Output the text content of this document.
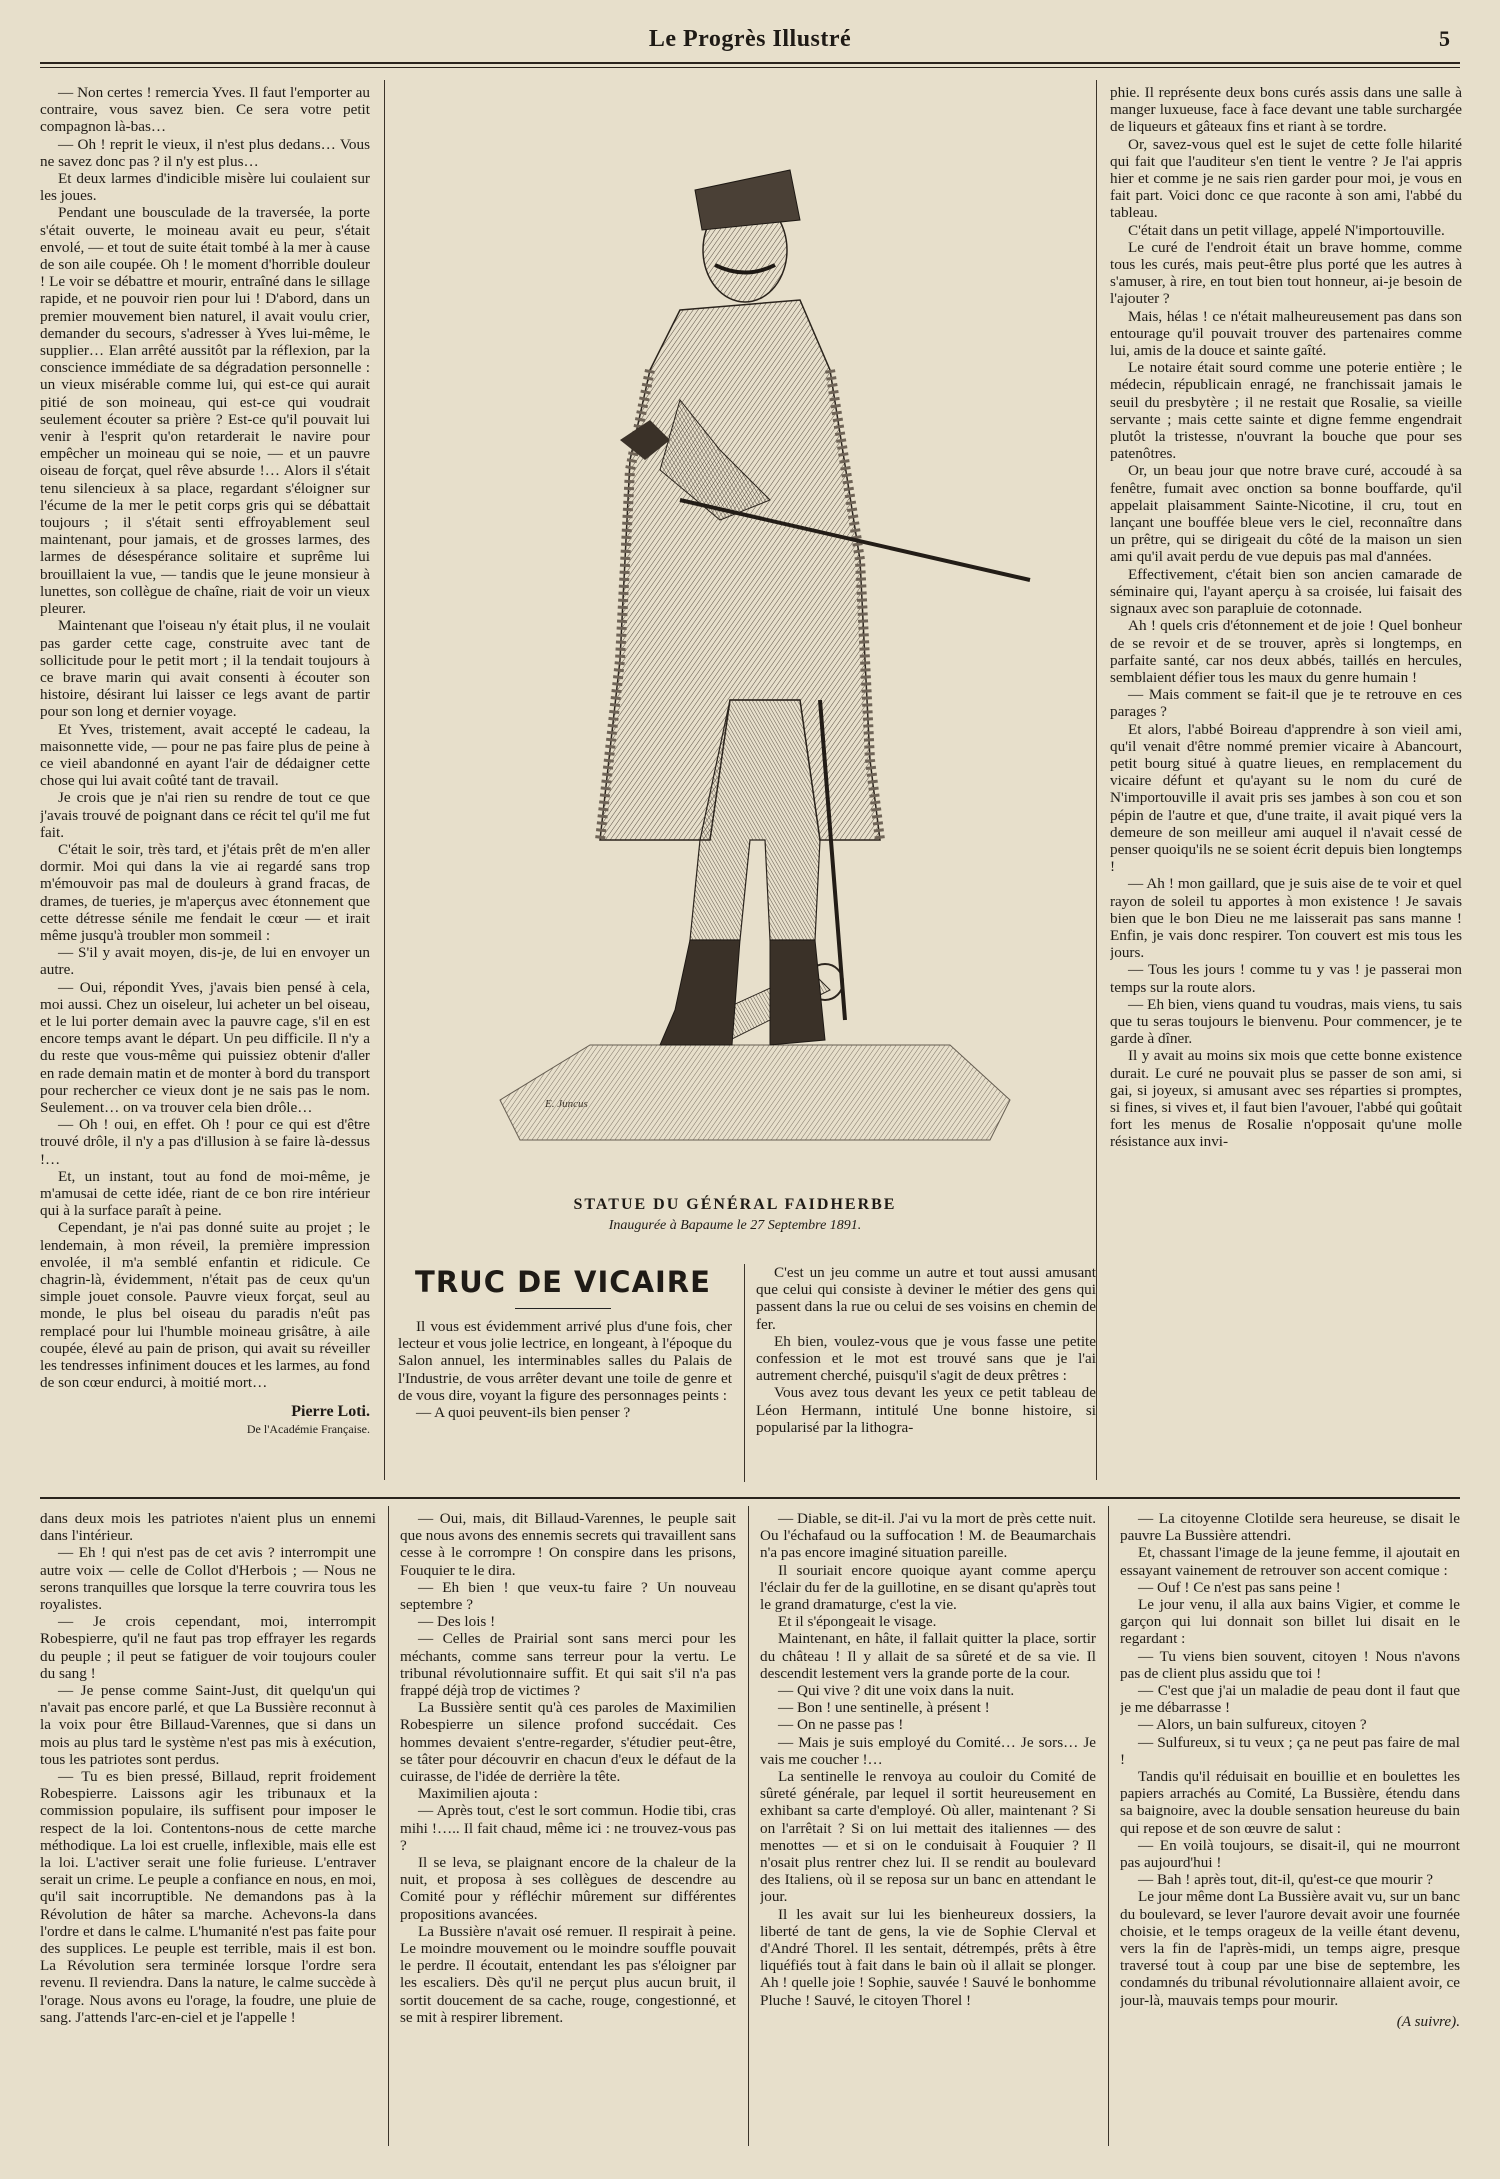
Le Progrès Illustré	5

— Non certes ! remercia Yves. Il faut l'emporter au contraire, vous savez bien. Ce sera votre petit compagnon là-bas…

— Oh ! reprit le vieux, il n'est plus dedans… Vous ne savez donc pas ? il n'y est plus…

Et deux larmes d'indicible misère lui coulaient sur les joues.

Pendant une bousculade de la traversée, la porte s'était ouverte, le moineau avait eu peur, s'était envolé, — et tout de suite était tombé à la mer à cause de son aile coupée. Oh ! le moment d'horrible douleur ! Le voir se débattre et mourir, entraîné dans le sillage rapide, et ne pouvoir rien pour lui ! D'abord, dans un premier mouvement bien naturel, il avait voulu crier, demander du secours, s'adresser à Yves lui-même, le supplier… Elan arrêté aussitôt par la réflexion, par la conscience immédiate de sa dégradation personnelle : un vieux misérable comme lui, qui est-ce qui aurait pitié de son moineau, qui est-ce qui voudrait seulement écouter sa prière ? Est-ce qu'il pouvait lui venir à l'esprit qu'on retarderait le navire pour empêcher un moineau qui se noie, — et un pauvre oiseau de forçat, quel rêve absurde !… Alors il s'était tenu silencieux à sa place, regardant s'éloigner sur l'écume de la mer le petit corps gris qui se débattait toujours ; il s'était senti effroyablement seul maintenant, pour jamais, et de grosses larmes, des larmes de désespérance solitaire et suprême lui brouillaient la vue, — tandis que le jeune monsieur à lunettes, son collègue de chaîne, riait de voir un vieux pleurer.

Maintenant que l'oiseau n'y était plus, il ne voulait pas garder cette cage, construite avec tant de sollicitude pour le petit mort ; il la tendait toujours à ce brave marin qui avait consenti à écouter son histoire, désirant lui laisser ce legs avant de partir pour son long et dernier voyage.

Et Yves, tristement, avait accepté le cadeau, la maisonnette vide, — pour ne pas faire plus de peine à ce vieil abandonné en ayant l'air de dédaigner cette chose qui lui avait coûté tant de travail.

Je crois que je n'ai rien su rendre de tout ce que j'avais trouvé de poignant dans ce récit tel qu'il me fut fait.

C'était le soir, très tard, et j'étais prêt de m'en aller dormir. Moi qui dans la vie ai regardé sans trop m'émouvoir pas mal de douleurs à grand fracas, de drames, de tueries, je m'aperçus avec étonnement que cette détresse sénile me fendait le cœur — et irait même jusqu'à troubler mon sommeil :

— S'il y avait moyen, dis-je, de lui en envoyer un autre.

— Oui, répondit Yves, j'avais bien pensé à cela, moi aussi. Chez un oiseleur, lui acheter un bel oiseau, et le lui porter demain avec la pauvre cage, s'il en est encore temps avant le départ. Un peu difficile. Il n'y a du reste que vous-même qui puissiez obtenir d'aller en rade demain matin et de monter à bord du transport pour rechercher ce vieux dont je ne sais pas le nom. Seulement… on va trouver cela bien drôle…

— Oh ! oui, en effet. Oh ! pour ce qui est d'être trouvé drôle, il n'y a pas d'illusion à se faire là-dessus !…

Et, un instant, tout au fond de moi-même, je m'amusai de cette idée, riant de ce bon rire intérieur qui à la surface paraît à peine.

Cependant, je n'ai pas donné suite au projet ; le lendemain, à mon réveil, la première impression envolée, il m'a semblé enfantin et ridicule. Ce chagrin-là, évidemment, n'était pas de ceux qu'un simple jouet console. Pauvre vieux forçat, seul au monde, le plus bel oiseau du paradis n'eût pas remplacé pour lui l'humble moineau grisâtre, à aile coupée, élevé au pain de prison, qui avait su réveiller les tendresses infiniment douces et les larmes, au fond de son cœur endurci, à moitié mort…

Pierre Loti.
De l'Académie Française.
E. Juncus
STATUE DU GÉNÉRAL FAIDHERBE
Inaugurée à Bapaume le 27 Septembre 1891.
TRUC DE VICAIRE

Il vous est évidemment arrivé plus d'une fois, cher lecteur et vous jolie lectrice, en longeant, à l'époque du Salon annuel, les interminables salles du Palais de l'Industrie, de vous arrêter devant une toile de genre et de vous dire, voyant la figure des personnages peints :

— A quoi peuvent-ils bien penser ?

C'est un jeu comme un autre et tout aussi amusant que celui qui consiste à deviner le métier des gens qui passent dans la rue ou celui de ses voisins en chemin de fer.

Eh bien, voulez-vous que je vous fasse une petite confession et le mot est trouvé sans que je l'ai autrement cherché, puisqu'il s'agit de deux prêtres :

Vous avez tous devant les yeux ce petit tableau de Léon Hermann, intitulé Une bonne histoire, si popularisé par la lithogra-

phie. Il représente deux bons curés assis dans une salle à manger luxueuse, face à face devant une table surchargée de liqueurs et gâteaux fins et riant à se tordre.

Or, savez-vous quel est le sujet de cette folle hilarité qui fait que l'auditeur s'en tient le ventre ? Je l'ai appris hier et comme je ne sais rien garder pour moi, je vous en fait part. Voici donc ce que raconte à son ami, l'abbé du tableau.

C'était dans un petit village, appelé N'importouville.

Le curé de l'endroit était un brave homme, comme tous les curés, mais peut-être plus porté que les autres à s'amuser, à rire, en tout bien tout honneur, ai-je besoin de l'ajouter ?

Mais, hélas ! ce n'était malheureusement pas dans son entourage qu'il pouvait trouver des partenaires comme lui, amis de la douce et sainte gaîté.

Le notaire était sourd comme une poterie entière ; le médecin, républicain enragé, ne franchissait jamais le seuil du presbytère ; il ne restait que Rosalie, sa vieille servante ; mais cette sainte et digne femme engendrait plutôt la tristesse, n'ouvrant la bouche que pour ses patenôtres.

Or, un beau jour que notre brave curé, accoudé à sa fenêtre, fumait avec onction sa bonne bouffarde, qu'il appelait plaisamment Sainte-Nicotine, il cru, tout en lançant une bouffée bleue vers le ciel, reconnaître dans un prêtre, qui se dirigeait du côté de la maison un sien ami qu'il avait perdu de vue depuis pas mal d'années.

Effectivement, c'était bien son ancien camarade de séminaire qui, l'ayant aperçu à sa croisée, lui faisait des signaux avec son parapluie de cotonnade.

Ah ! quels cris d'étonnement et de joie ! Quel bonheur de se revoir et de se trouver, après si longtemps, en parfaite santé, car nos deux abbés, taillés en hercules, semblaient défier tous les maux du genre humain !

— Mais comment se fait-il que je te retrouve en ces parages ?

Et alors, l'abbé Boireau d'apprendre à son vieil ami, qu'il venait d'être nommé premier vicaire à Abancourt, petit bourg situé à quatre lieues, en remplacement du vicaire défunt et qu'ayant su le nom du curé de N'importouville il avait pris ses jambes à son cou et son pépin de l'autre et que, d'une traite, il avait piqué vers la demeure de son meilleur ami auquel il n'avait cessé de penser quoiqu'ils ne se soient écrit depuis bien longtemps !

— Ah ! mon gaillard, que je suis aise de te voir et quel rayon de soleil tu apportes à mon existence ! Je savais bien que le bon Dieu ne me laisserait pas sans manne ! Enfin, je vais donc respirer. Ton couvert est mis tous les jours.

— Tous les jours ! comme tu y vas ! je passerai mon temps sur la route alors.

— Eh bien, viens quand tu voudras, mais viens, tu sais que tu seras toujours le bienvenu. Pour commencer, je te garde à dîner.

Il y avait au moins six mois que cette bonne existence durait. Le curé ne pouvait plus se passer de son ami, si gai, si joyeux, si amusant avec ses réparties si promptes, si fines, si vives et, il faut bien l'avouer, l'abbé qui goûtait fort les menus de Rosalie n'opposait qu'une molle résistance aux invi-

dans deux mois les patriotes n'aient plus un ennemi dans l'intérieur.

— Eh ! qui n'est pas de cet avis ? interrompit une autre voix — celle de Collot d'Herbois ; — Nous ne serons tranquilles que lorsque la terre couvrira tous les royalistes.

— Je crois cependant, moi, interrompit Robespierre, qu'il ne faut pas trop effrayer les regards du peuple ; il peut se fatiguer de voir toujours couler du sang !

— Je pense comme Saint-Just, dit quelqu'un qui n'avait pas encore parlé, et que La Bussière reconnut à la voix pour être Billaud-Varennes, que si dans un mois au plus tard le système n'est pas mis à exécution, tous les patriotes sont perdus.

— Tu es bien pressé, Billaud, reprit froidement Robespierre. Laissons agir les tribunaux et la commission populaire, ils suffisent pour imposer le respect de la loi. Contentons-nous de cette marche méthodique. La loi est cruelle, inflexible, mais elle est la loi. L'activer serait une folie furieuse. L'entraver serait un crime. Le peuple a confiance en nous, en moi, qu'il sait incorruptible. Ne demandons pas à la Révolution de hâter sa marche. Achevons-la dans l'ordre et dans le calme. L'humanité n'est pas faite pour des supplices. Le peuple est terrible, mais il est bon. La Révolution sera terminée lorsque l'ordre sera revenu. Il reviendra. Dans la nature, le calme succède à l'orage. Nous avons eu l'orage, la foudre, une pluie de sang. J'attends l'arc-en-ciel et je l'appelle !

— Oui, mais, dit Billaud-Varennes, le peuple sait que nous avons des ennemis secrets qui travaillent sans cesse à le corrompre ! On conspire dans les prisons, Fouquier te le dira.

— Eh bien ! que veux-tu faire ? Un nouveau septembre ?

— Des lois !

— Celles de Prairial sont sans merci pour les méchants, comme sans terreur pour la vertu. Le tribunal révolutionnaire suffit. Et qui sait s'il n'a pas frappé déjà trop de victimes ?

La Bussière sentit qu'à ces paroles de Maximilien Robespierre un silence profond succédait. Ces hommes devaient s'entre-regarder, s'étudier peut-être, se tâter pour découvrir en chacun d'eux le défaut de la cuirasse, de l'idée de derrière la tête.

Maximilien ajouta :

— Après tout, c'est le sort commun. Hodie tibi, cras mihi !….. Il fait chaud, même ici : ne trouvez-vous pas ?

Il se leva, se plaignant encore de la chaleur de la nuit, et proposa à ses collègues de descendre au Comité pour y réfléchir mûrement sur différentes propositions avancées.

La Bussière n'avait osé remuer. Il respirait à peine. Le moindre mouvement ou le moindre souffle pouvait le perdre. Il écoutait, entendant les pas s'éloigner par les escaliers. Dès qu'il ne perçut plus aucun bruit, il sortit doucement de sa cache, rouge, congestionné, et se mit à respirer librement.

— Diable, se dit-il. J'ai vu la mort de près cette nuit. Ou l'échafaud ou la suffocation ! M. de Beaumarchais n'a pas encore imaginé situation pareille.

Il souriait encore quoique ayant comme aperçu l'éclair du fer de la guillotine, en se disant qu'après tout le grand dramaturge, c'est la vie.

Et il s'épongeait le visage.

Maintenant, en hâte, il fallait quitter la place, sortir du château ! Il y allait de sa sûreté et de sa vie. Il descendit lestement vers la grande porte de la cour.

— Qui vive ? dit une voix dans la nuit.

— Bon ! une sentinelle, à présent !

— On ne passe pas !

— Mais je suis employé du Comité… Je sors… Je vais me coucher !…

La sentinelle le renvoya au couloir du Comité de sûreté générale, par lequel il sortit heureusement en exhibant sa carte d'employé. Où aller, maintenant ? Si on l'arrêtait ? Si on lui mettait des italiennes — des menottes — et si on le conduisait à Fouquier ? Il n'osait plus rentrer chez lui. Il se rendit au boulevard des Italiens, où il se reposa sur un banc en attendant le jour.

Il les avait sur lui les bienheureux dossiers, la liberté de tant de gens, la vie de Sophie Clerval et d'André Thorel. Il les sentait, détrempés, prêts à être liquéfiés tout à fait dans le bain où il allait se plonger. Ah ! quelle joie ! Sophie, sauvée ! Sauvé le bonhomme Pluche ! Sauvé, le citoyen Thorel !

— La citoyenne Clotilde sera heureuse, se disait le pauvre La Bussière attendri.

Et, chassant l'image de la jeune femme, il ajoutait en essayant vainement de retrouver son accent comique :

— Ouf ! Ce n'est pas sans peine !

Le jour venu, il alla aux bains Vigier, et comme le garçon qui lui donnait son billet lui disait en le regardant :

— Tu viens bien souvent, citoyen ! Nous n'avons pas de client plus assidu que toi !

— C'est que j'ai un maladie de peau dont il faut que je me débarrasse !

— Alors, un bain sulfureux, citoyen ?

— Sulfureux, si tu veux ; ça ne peut pas faire de mal !

Tandis qu'il réduisait en bouillie et en boulettes les papiers arrachés au Comité, La Bussière, étendu dans sa baignoire, avec la double sensation heureuse du bain qui repose et de son œuvre de salut :

— En voilà toujours, se disait-il, qui ne mourront pas aujourd'hui !

— Bah ! après tout, dit-il, qu'est-ce que mourir ?

Le jour même dont La Bussière avait vu, sur un banc du boulevard, se lever l'aurore devait avoir une fournée choisie, et le temps orageux de la veille étant devenu, vers la fin de l'après-midi, un temps aigre, presque traversé tout à coup par une bise de septembre, les condamnés du tribunal révolutionnaire allaient avoir, ce jour-là, mauvais temps pour mourir.

(A suivre).
